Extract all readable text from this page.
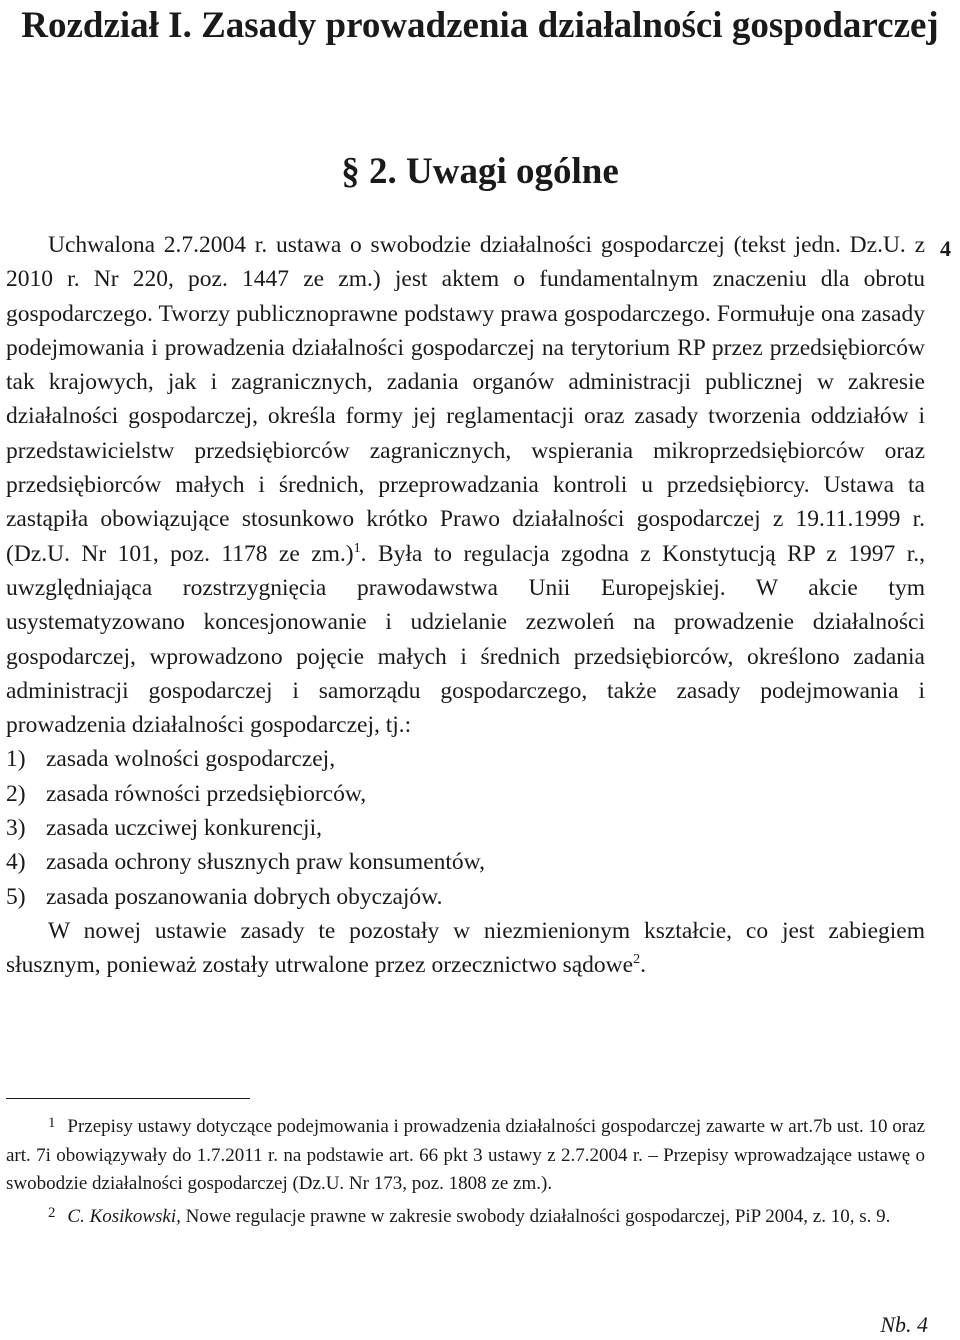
Rozdział I. Zasady prowadzenia działalności gospodarczej
§ 2. Uwagi ogólne
4

Uchwalona 2.7.2004 r. ustawa o swobodzie działalności gospodarczej (tekst jedn. Dz.U. z 2010 r. Nr 220, poz. 1447 ze zm.) jest aktem o fundamentalnym znaczeniu dla obrotu gospodarczego. Tworzy publicznoprawne podstawy prawa gospodarczego. Formułuje ona zasady podejmowania i prowadzenia działalności gospodarczej na terytorium RP przez przedsiębiorców tak krajowych, jak i zagranicznych, zadania organów administracji publicznej w zakresie działalności gospodarczej, określa formy jej reglamentacji oraz zasady tworzenia oddziałów i przedstawicielstw przedsiębiorców zagranicznych, wspierania mikroprzedsiębiorców oraz przedsiębiorców małych i średnich, przeprowadzania kontroli u przedsiębiorcy. Ustawa ta zastąpiła obowiązujące stosunkowo krótko Prawo działalności gospodarczej z 19.11.1999 r. (Dz.U. Nr 101, poz. 1178 ze zm.)$^1$. Była to regulacja zgodna z Konstytucją RP z 1997 r., uwzględniająca rozstrzygnięcia prawodawstwa Unii Europejskiej. W akcie tym usystematyzowano koncesjonowanie i udzielanie zezwoleń na prowadzenie działalności gospodarczej, wprowadzono pojęcie małych i średnich przedsiębiorców, określono zadania administracji gospodarczej i samorządu gospodarczego, także zasady podejmowania i prowadzenia działalności gospodarczej, tj.:

1) zasada wolności gospodarczej,
2) zasada równości przedsiębiorców,
3) zasada uczciwej konkurencji,
4) zasada ochrony słusznych praw konsumentów,
5) zasada poszanowania dobrych obyczajów.

W nowej ustawie zasady te pozostały w niezmienionym kształcie, co jest zabiegiem słusznym, ponieważ zostały utrwalone przez orzecznictwo sądowe$^2$.

$^1$ Przepisy ustawy dotyczące podejmowania i prowadzenia działalności gospodarczej zawarte w art.7b ust. 10 oraz art. 7i obowiązywały do 1.7.2011 r. na podstawie art. 66 pkt 3 ustawy z 2.7.2004 r. – Przepisy wprowadzające ustawę o swobodzie działalności gospodarczej (Dz.U. Nr 173, poz. 1808 ze zm.).

$^2$ C. Kosikowski, Nowe regulacje prawne w zakresie swobody działalności gospodarczej, PiP 2004, z. 10, s. 9.

Nb. 4
